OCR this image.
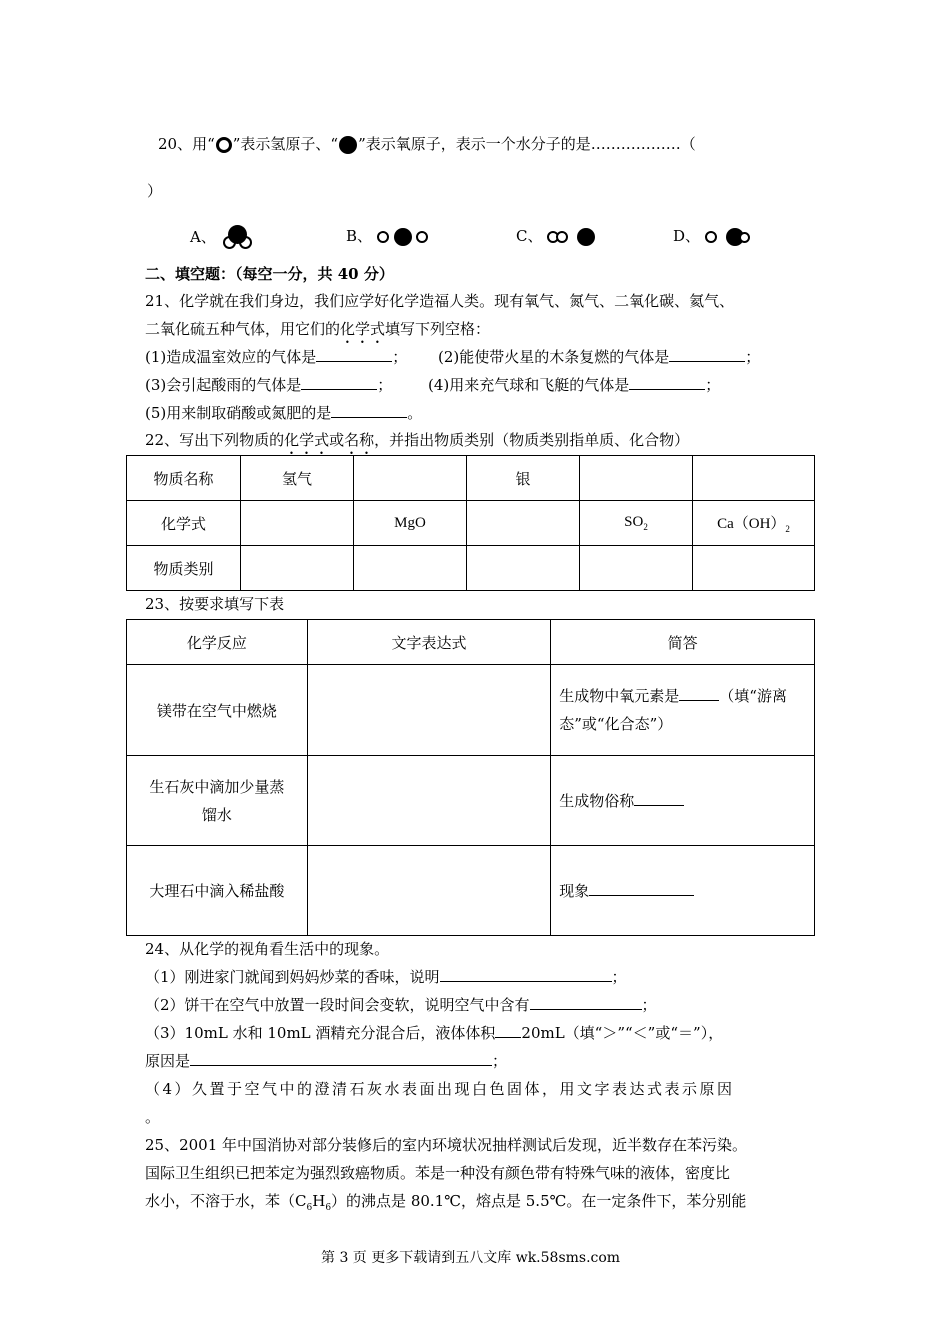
20、用“ ”表示氢原子、“ ”表示氧原子，表示一个水分子的是………………（
）
A、	B、	C、	D、
二、填空题：（每空一分，共 40 分）
21、化学就在我们身边，我们应学好化学造福人类。现有氧气、氮气、二氧化碳、氦气、
二氧化硫五种气体，用它们的化学式填写下列空格：
(1)造成温室效应的气体是	； (2)能使带火星的木条复燃的气体是	；
(3)会引起酸雨的气体是	； (4)用来充气球和飞艇的气体是	；
(5)用来制取硝酸或氮肥的是	。
22、写出下列物质的化学式或名称，并指出物质类别（物质类别指单质、化合物）
物质名称	氢气		银		
化学式		MgO		$SO_2$	$Ca(OH)_2$
物质类别					
23、按要求填写下表
化学反应	文字表达式	简答
镁带在空气中燃烧		生成物中氧元素是 （填“游离态”或“化合态”）
生石灰中滴加少量蒸
馏水		生成物俗称
大理石中滴入稀盐酸		现象
24、从化学的视角看生活中的现象。
（1）刚进家门就闻到妈妈炒菜的香味，说明	；
（2）饼干在空气中放置一段时间会变软，说明空气中含有	；
（3）10mL 水和 10mL 酒精充分混合后，液体体积 20mL（填“＞”“＜”或“＝”），
原因是	；
（4）久置于空气中的澄清石灰水表面出现白色固体，用文字表达式表示原因
。
25、2001 年中国消协对部分装修后的室内环境状况抽样测试后发现，近半数存在苯污染。
国际卫生组织已把苯定为强烈致癌物质。苯是一种没有颜色带有特殊气味的液体，密度比
水小，不溶于水，苯$(C_6H_6)$的沸点是 80.1℃，熔点是 5.5℃。在一定条件下，苯分别能
第 3 页 更多下载请到五八文库 wk.58sms.com
